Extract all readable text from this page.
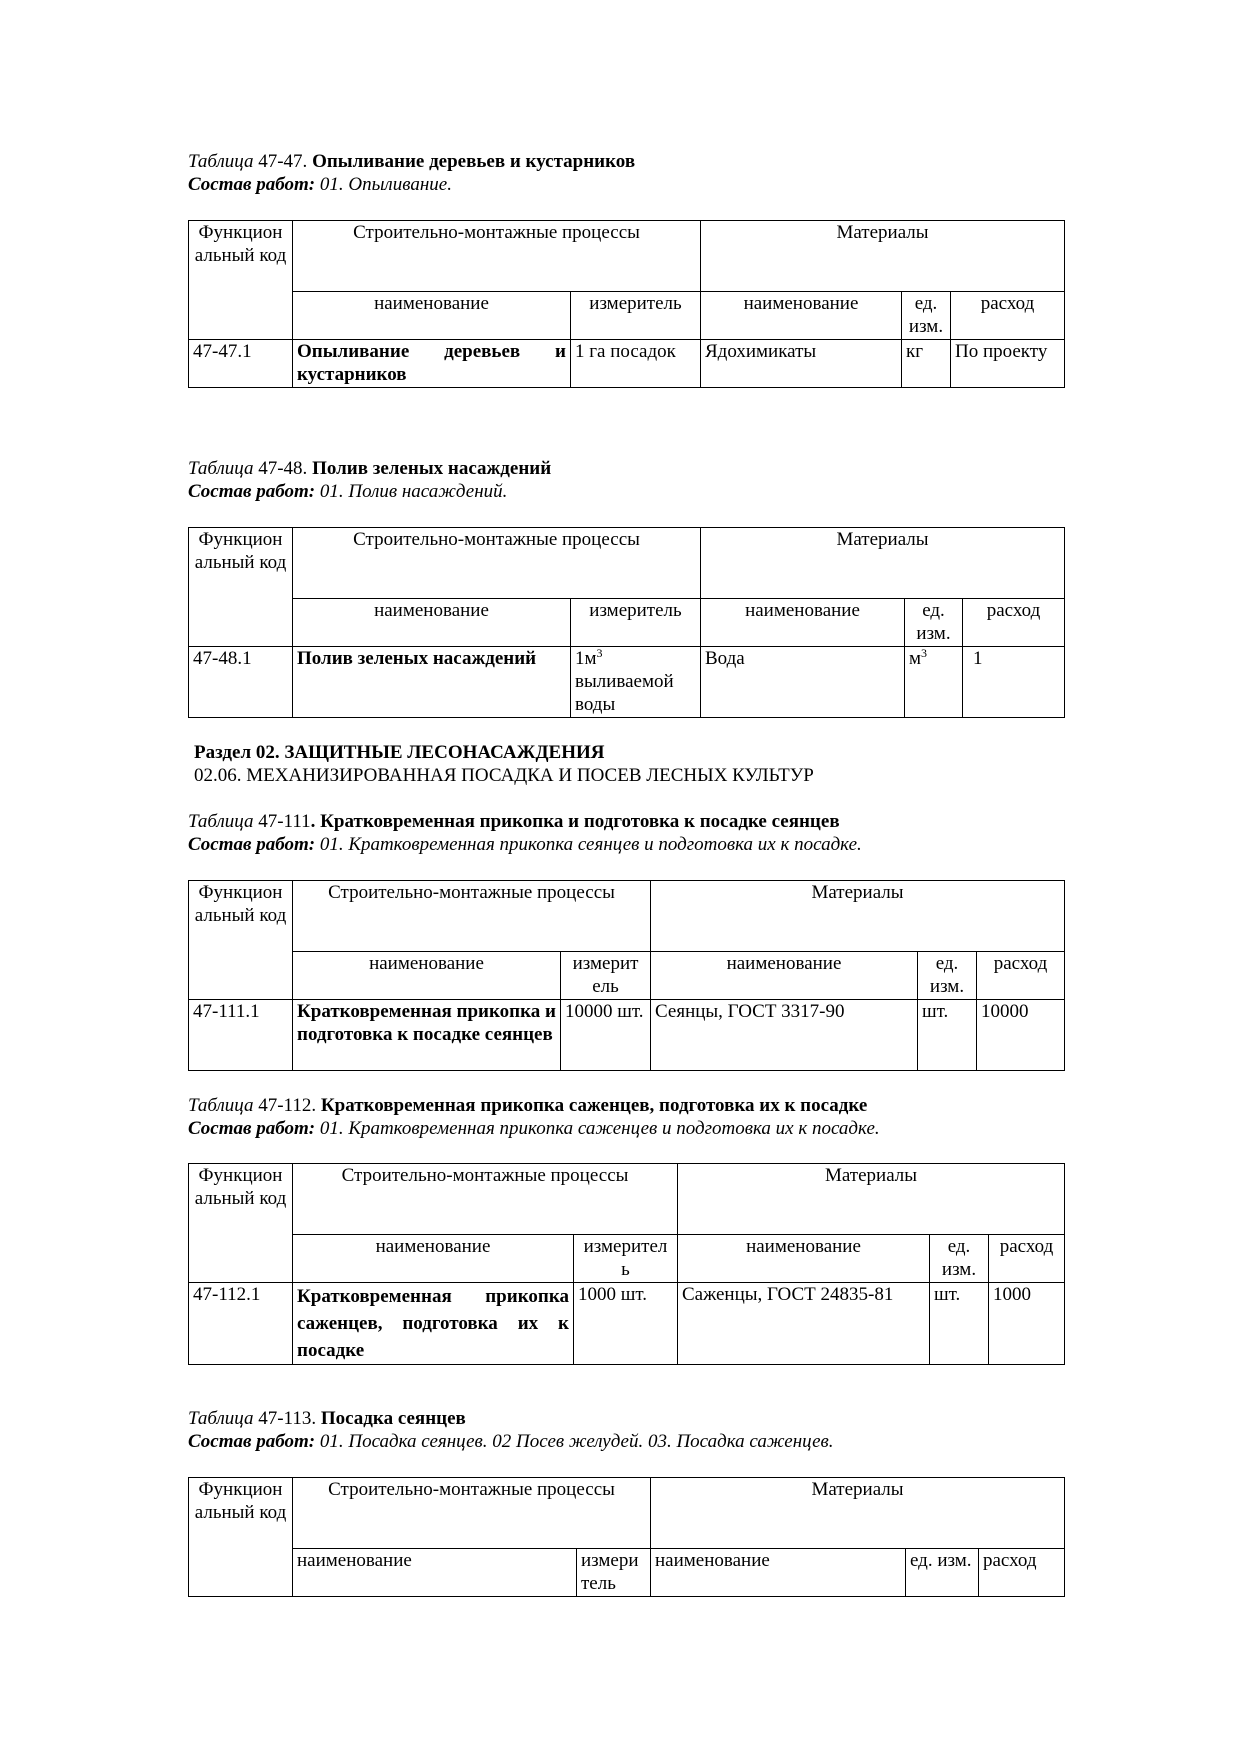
Таблица 47-47. Опыливание деревьев и кустарников
Состав работ: 01. Опыливание.
Функцион альный код	Строительно-монтажные процессы		Материалы		
	наименование	измеритель	наименование	ед. изм.	расход
47-47.1	Опыливание деревьев и кустарников	1 га посадок	Ядохимикаты	кг	По проекту
Таблица 47-48. Полив зеленых насаждений
Состав работ: 01. Полив насаждений.
Функцион альный код	Строительно-монтажные процессы		Материалы		
	наименование	измеритель	наименование	ед. изм.	расход
47-48.1	Полив зеленых насаждений	$1м^3$ выливаемой воды	Вода	$м^3$	1
Раздел 02. ЗАЩИТНЫЕ ЛЕСОНАСАЖДЕНИЯ
02.06. МЕХАНИЗИРОВАННАЯ ПОСАДКА И ПОСЕВ ЛЕСНЫХ КУЛЬТУР
Таблица 47-111. Кратковременная прикопка и подготовка к посадке сеянцев
Состав работ: 01. Кратковременная прикопка сеянцев и подготовка их к посадке.
Функцион альный код	Строительно-монтажные процессы		Материалы		
	наименование	измерит ель	наименование	ед. изм.	расход
47-111.1	Кратковременная прикопка и подготовка к посадке сеянцев	10000 шт.	Сеянцы, ГОСТ 3317-90	шт.	10000
Таблица 47-112. Кратковременная прикопка саженцев, подготовка их к посадке
Состав работ: 01. Кратковременная прикопка саженцев и подготовка их к посадке.
Функцион альный код	Строительно-монтажные процессы		Материалы		
	наименование	измерител ь	наименование	ед. изм.	расход
47-112.1	Кратковременная прикопка саженцев, подготовка их к посадке	1000 шт.	Саженцы, ГОСТ 24835-81	шт.	1000
Таблица 47-113. Посадка сеянцев
Состав работ: 01. Посадка сеянцев. 02 Посев желудей. 03. Посадка саженцев.
Функцион альный код	Строительно-монтажные процессы		Материалы		
	наименование	измери тель	наименование	ед. изм.	расход
